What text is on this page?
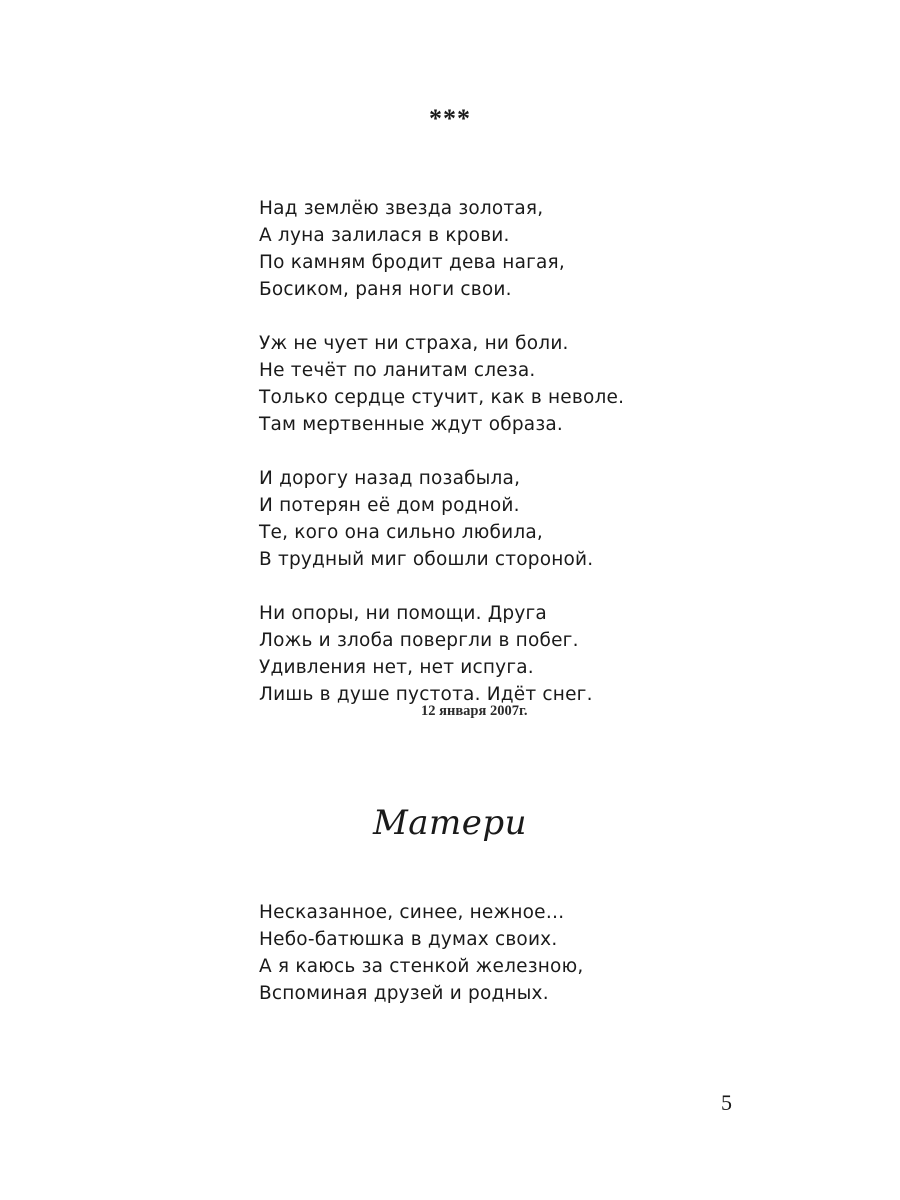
***
Над землёю звезда золотая,
А луна залилася в крови.
По камням бродит дева нагая,
Босиком, раня ноги свои.
Уж не чует ни страха, ни боли.
Не течёт по ланитам слеза.
Только сердце стучит, как в неволе.
Там мертвенные ждут образа.
И дорогу назад позабыла,
И потерян её дом родной.
Те, кого она сильно любила,
В трудный миг обошли стороной.
Ни опоры, ни помощи. Друга
Ложь и злоба повергли в побег.
Удивления нет, нет испуга.
Лишь в душе пустота. Идёт снег.
12 января 2007г.
Матери
Несказанное, синее, нежное…
Небо-батюшка в думах своих.
А я каюсь за стенкой железною,
Вспоминая друзей и родных.
5
